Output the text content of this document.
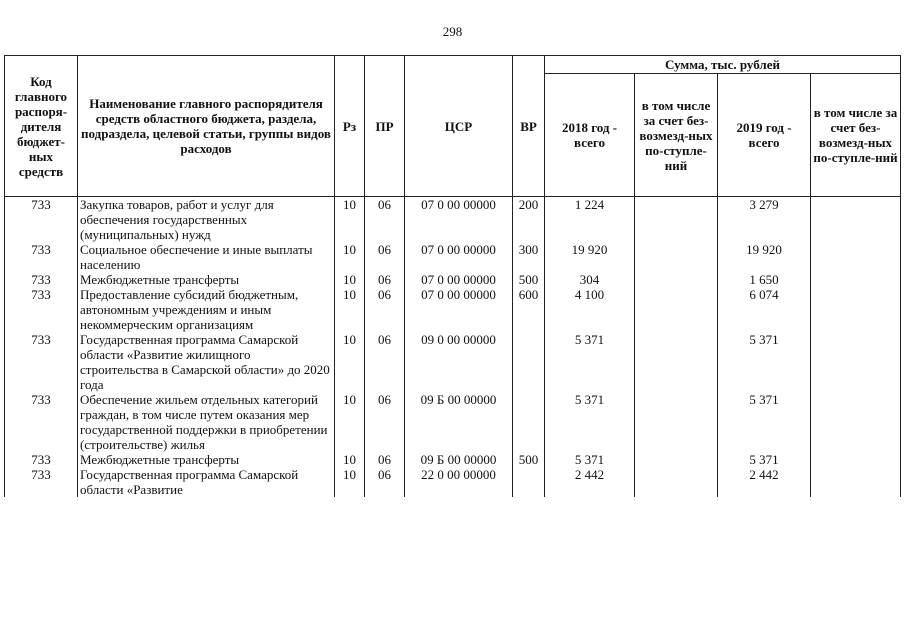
298
Код главного распоря-дителя бюджет-ных средств	Наименование главного распорядителя средств областного бюджета, раздела, подраздела, целевой статьи, группы видов расходов	Рз	ПР	ЦСР	ВР	Сумма, тыс. рублей			

						2018 год - всего	в том числе за счет без-возмезд-ных по-ступле-ний	2019 год - всего	в том числе за счет без-возмезд-ных по-ступле-ний

733	Закупка товаров, работ и услуг для обеспечения государственных (муниципальных) нужд	10	06	07 0 00 00000	200	1 224		3 279	
733	Социальное обеспечение и иные выплаты населению	10	06	07 0 00 00000	300	19 920		19 920	
733	Межбюджетные трансферты	10	06	07 0 00 00000	500	304		1 650	
733	Предоставление субсидий бюджетным, автономным учреждениям и иным некоммерческим организациям	10	06	07 0 00 00000	600	4 100		6 074	
733	Государственная программа Самарской области «Развитие жилищного строительства в Самарской области» до 2020 года	10	06	09 0 00 00000		5 371		5 371	
733	Обеспечение жильем отдельных категорий граждан, в том числе путем оказания мер государственной поддержки в приобретении (строительстве) жилья	10	06	09 Б 00 00000		5 371		5 371	
733	Межбюджетные трансферты	10	06	09 Б 00 00000	500	5 371		5 371	
733	Государственная программа Самарской области «Развитие	10	06	22 0 00 00000		2 442		2 442	
